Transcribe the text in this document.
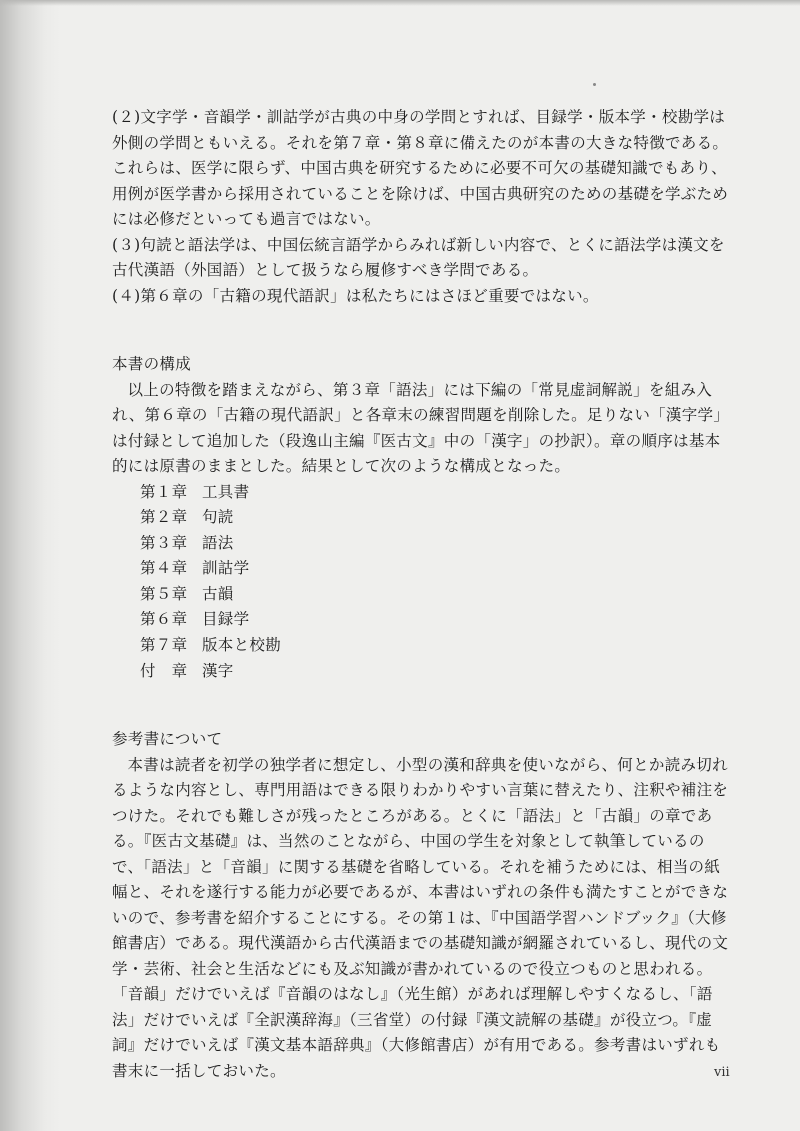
(２)文字学・音韻学・訓詁学が古典の中身の学問とすれば、目録学・版本学・校勘学は外側の学問ともいえる。それを第７章・第８章に備えたのが本書の大きな特徴である。これらは、医学に限らず、中国古典を研究するために必要不可欠の基礎知識でもあり、用例が医学書から採用されていることを除けば、中国古典研究のための基礎を学ぶためには必修だといっても過言ではない。

(３)句読と語法学は、中国伝統言語学からみれば新しい内容で、とくに語法学は漢文を古代漢語（外国語）として扱うなら履修すべき学問である。

(４)第６章の「古籍の現代語訳」は私たちにはさほど重要ではない。

本書の構成

以上の特徴を踏まえながら、第３章「語法」には下編の「常見虚詞解説」を組み入れ、第６章の「古籍の現代語訳」と各章末の練習問題を削除した。足りない「漢字学」は付録として追加した（段逸山主編『医古文』中の「漢字」の抄訳）。章の順序は基本的には原書のままとした。結果として次のような構成となった。

第１章 工具書
第２章 句読
第３章 語法
第４章 訓詁学
第５章 古韻
第６章 目録学
第７章 版本と校勘
付　章 漢字
参考書について

本書は読者を初学の独学者に想定し、小型の漢和辞典を使いながら、何とか読み切れるような内容とし、専門用語はできる限りわかりやすい言葉に替えたり、注釈や補注をつけた。それでも難しさが残ったところがある。とくに「語法」と「古韻」の章である。『医古文基礎』は、当然のことながら、中国の学生を対象として執筆しているので、「語法」と「音韻」に関する基礎を省略している。それを補うためには、相当の紙幅と、それを遂行する能力が必要であるが、本書はいずれの条件も満たすことができないので、参考書を紹介することにする。その第１は、『中国語学習ハンドブック』（大修館書店）である。現代漢語から古代漢語までの基礎知識が網羅されているし、現代の文学・芸術、社会と生活などにも及ぶ知識が書かれているので役立つものと思われる。「音韻」だけでいえば『音韻のはなし』（光生館）があれば理解しやすくなるし、「語法」だけでいえば『全訳漢辞海』（三省堂）の付録『漢文読解の基礎』が役立つ。『虚詞』だけでいえば『漢文基本語辞典』（大修館書店）が有用である。参考書はいずれも書末に一括しておいた。	vii
